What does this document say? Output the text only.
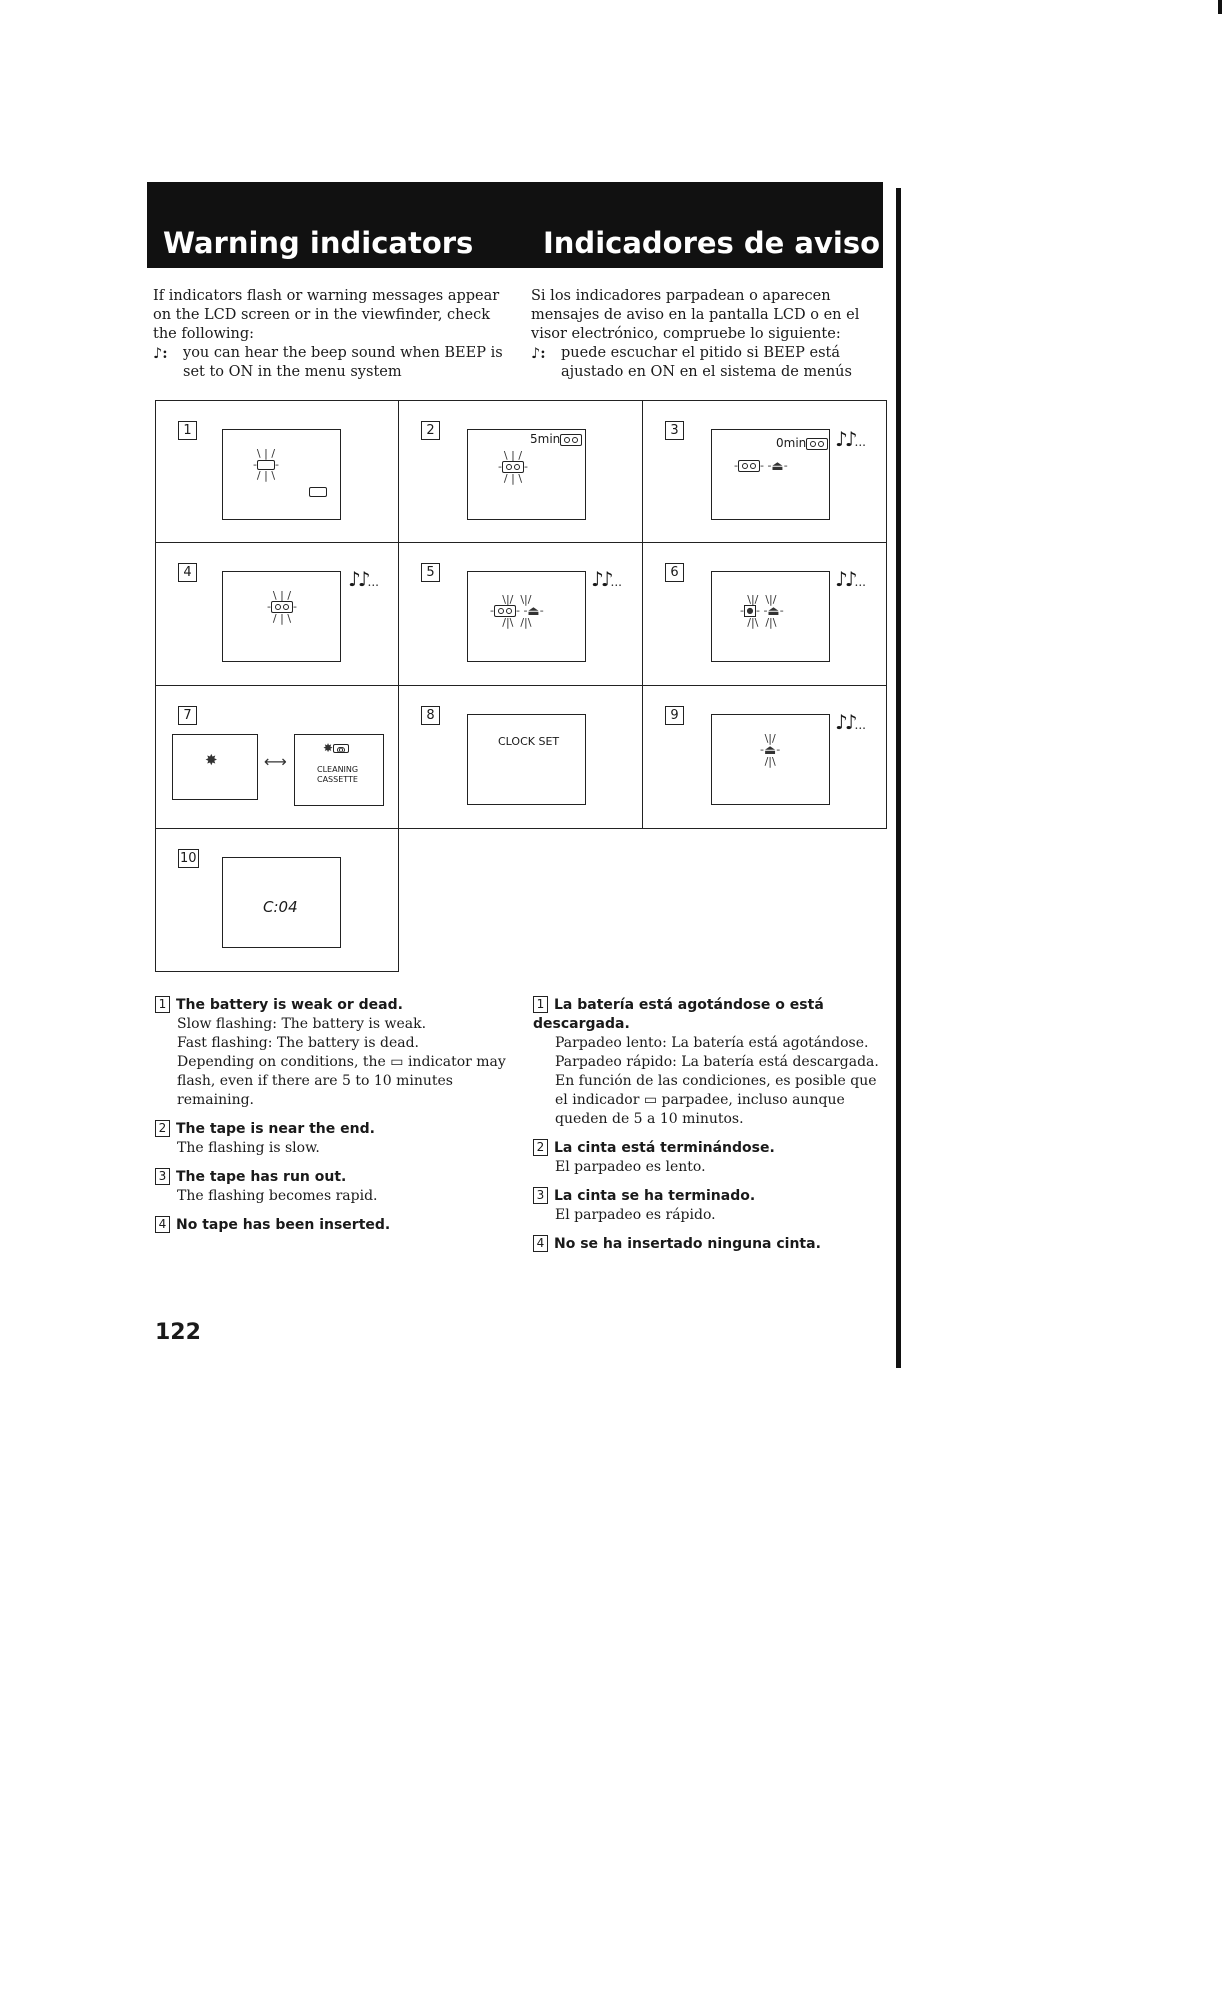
Warning indicators Indicadores de aviso
If indicators flash or warning messages appear on the LCD screen or in the viewfinder, check the following:
Si los indicadores parpadean o aparecen mensajes de aviso en la pantalla LCD o en el visor electrónico, compruebe lo siguiente:
♪:	you can hear the beep sound when BEEP is set to ON in the menu system
♪:	puede escuchar el pitido si BEEP está ajustado en ON en el sistema de menús
1
\ | /
- -
/ | \
2
5min
\ | /
- -
/ | \
3
0min
- - -⏏-
♪♪...
4
\ | /
- -
/ | \
♪♪...
5
\|/  \|/
- - -⏏-
/|\  /|\
♪♪...
6
\|/  \|/
- ● - -⏏-
/|\  /|\
♪♪...
7
✸	⟷
✸
CLEANING
CASSETTE
8
CLOCK SET
9
\|/
-⏏-
/|\
♪♪...
10
C:04
1 The battery is weak or dead.
Slow flashing: The battery is weak.
Fast flashing: The battery is dead.
Depending on conditions, the ▭ indicator may flash, even if there are 5 to 10 minutes remaining.
2 The tape is near the end.
The flashing is slow.
3 The tape has run out.
The flashing becomes rapid.
4 No tape has been inserted.
1 La batería está agotándose o está descargada.
Parpadeo lento: La batería está agotándose.
Parpadeo rápido: La batería está descargada.
En función de las condiciones, es posible que el indicador ▭ parpadee, incluso aunque queden de 5 a 10 minutos.
2 La cinta está terminándose.
El parpadeo es lento.
3 La cinta se ha terminado.
El parpadeo es rápido.
4 No se ha insertado ninguna cinta.
122
